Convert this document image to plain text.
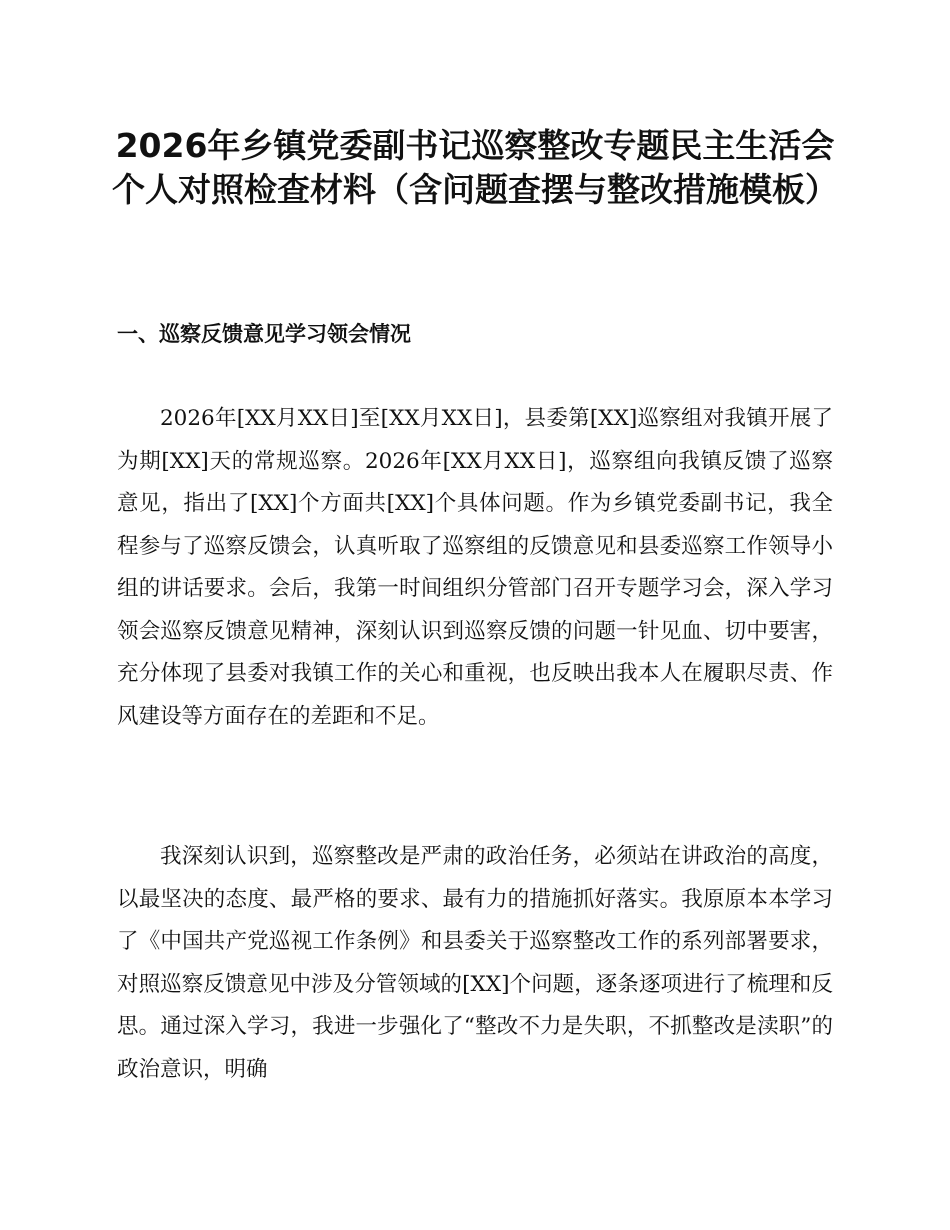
2026年乡镇党委副书记巡察整改专题民主生活会个人对照检查材料（含问题查摆与整改措施模板）
一、巡察反馈意见学习领会情况

2026年[XX月XX日]至[XX月XX日]，县委第[XX]巡察组对我镇开展了为期[XX]天的常规巡察。2026年[XX月XX日]，巡察组向我镇反馈了巡察意见，指出了[XX]个方面共[XX]个具体问题。作为乡镇党委副书记，我全程参与了巡察反馈会，认真听取了巡察组的反馈意见和县委巡察工作领导小组的讲话要求。会后，我第一时间组织分管部门召开专题学习会，深入学习领会巡察反馈意见精神，深刻认识到巡察反馈的问题一针见血、切中要害，充分体现了县委对我镇工作的关心和重视，也反映出我本人在履职尽责、作风建设等方面存在的差距和不足。

我深刻认识到，巡察整改是严肃的政治任务，必须站在讲政治的高度，以最坚决的态度、最严格的要求、最有力的措施抓好落实。我原原本本学习了《中国共产党巡视工作条例》和县委关于巡察整改工作的系列部署要求，对照巡察反馈意见中涉及分管领域的[XX]个问题，逐条逐项进行了梳理和反思。通过深入学习，我进一步强化了“整改不力是失职，不抓整改是渎职”的政治意识，明确
